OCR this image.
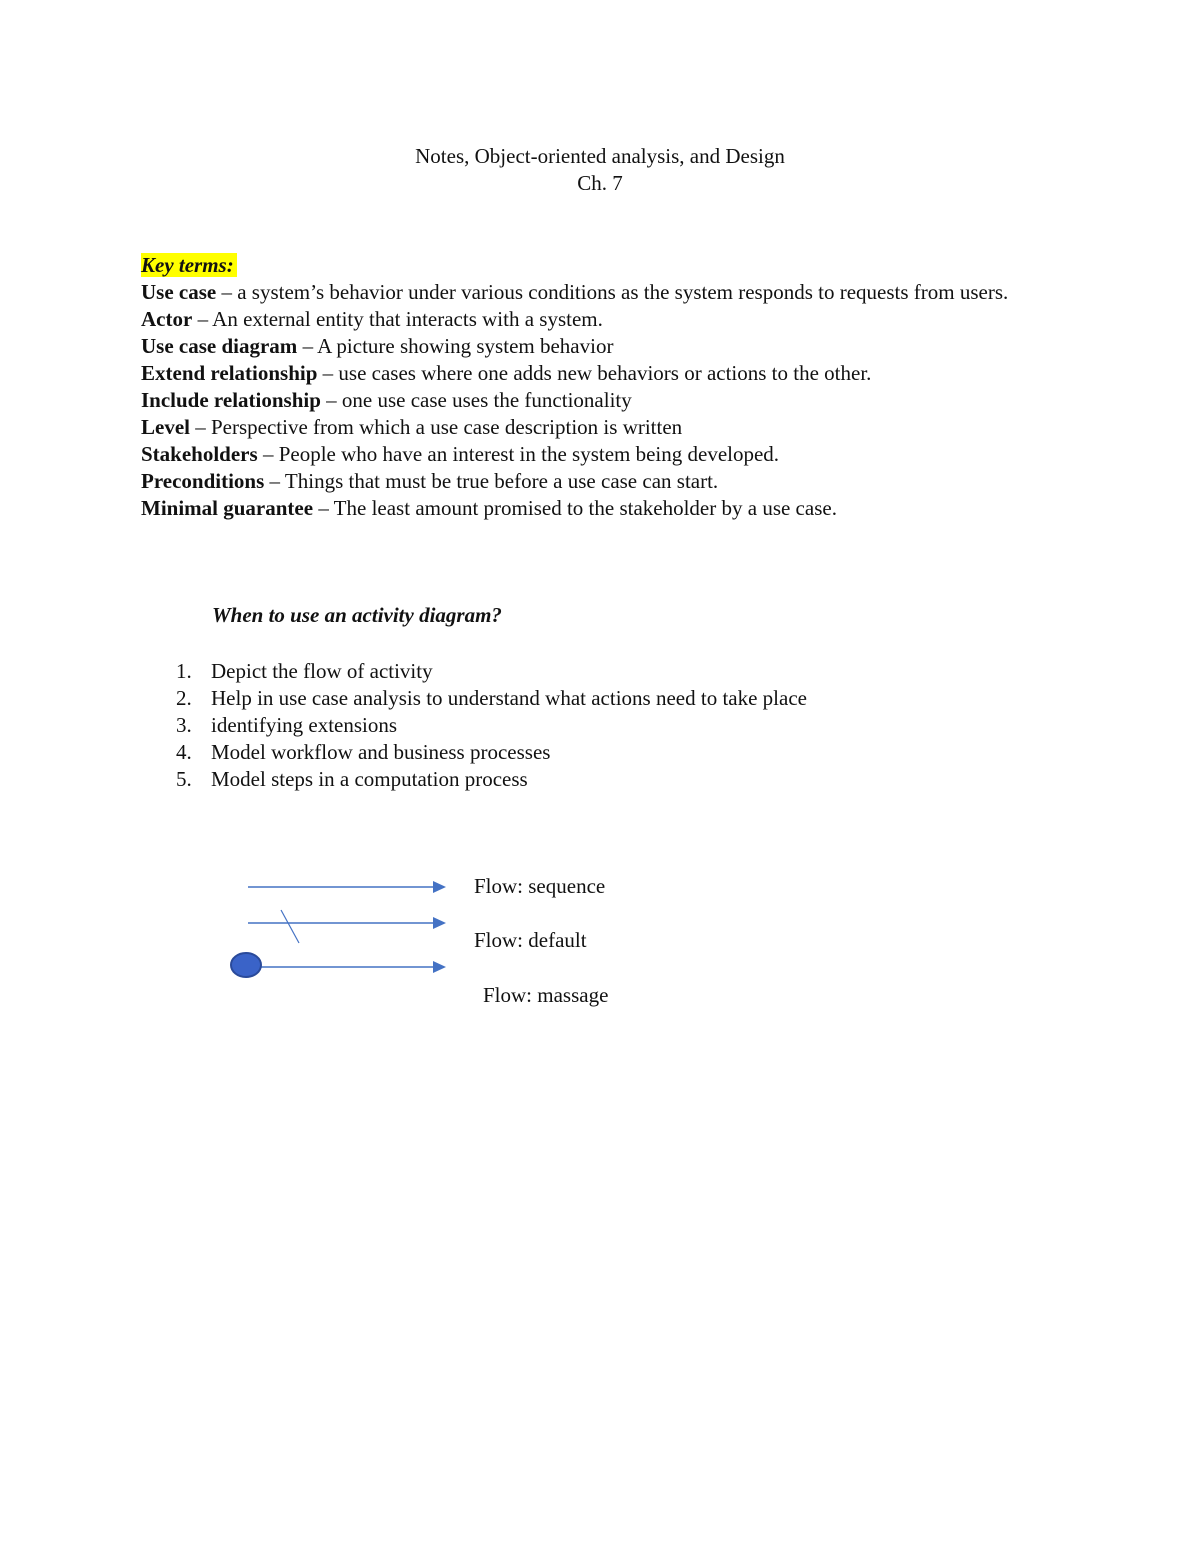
Notes, Object-oriented analysis, and Design
Ch. 7
Key terms:
Use case – a system’s behavior under various conditions as the system responds to requests from users.
Actor – An external entity that interacts with a system.
Use case diagram – A picture showing system behavior
Extend relationship – use cases where one adds new behaviors or actions to the other.
Include relationship – one use case uses the functionality
Level – Perspective from which a use case description is written
Stakeholders – People who have an interest in the system being developed.
Preconditions – Things that must be true before a use case can start.
Minimal guarantee – The least amount promised to the stakeholder by a use case.
When to use an activity diagram?
1. Depict the flow of activity
2. Help in use case analysis to understand what actions need to take place
3. identifying extensions
4. Model workflow and business processes
5. Model steps in a computation process
Flow: sequence
Flow: default
Flow: massage
